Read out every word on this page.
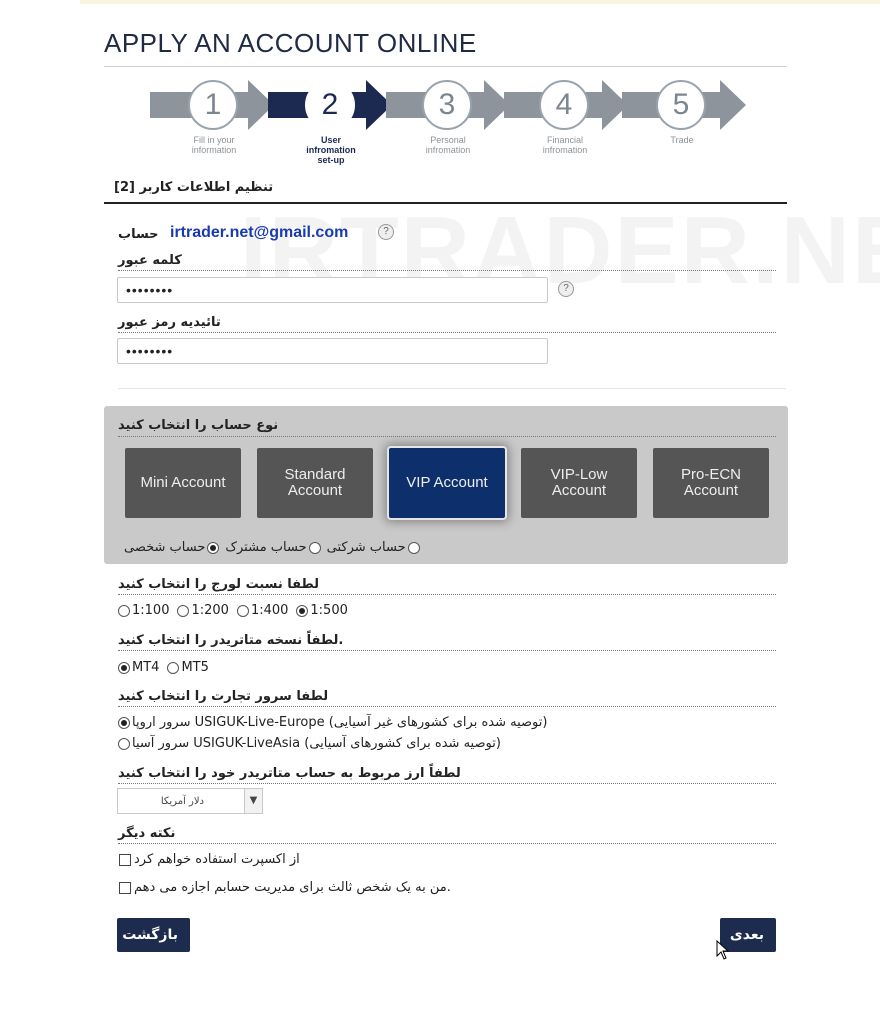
APPLY AN ACCOUNT ONLINE
1	2	3	4	5
Fill in your information
User infromation set-up
Personal infromation
Financial infromation
Trade
تنظیم اطلاعات کاربر [2]
حساب irtrader.net@gmail.com	?
کلمه عبور
••••••••	?
تائیدیه رمز عبور
••••••••
نوع حساب را انتخاب کنید
Mini Account	Standard Account	VIP Account	VIP-Low Account
Pro-ECN Account
حساب شخصی حساب مشترک حساب شرکتی
لطفا نسبت لورج را انتخاب کنید
1:100 1:200 1:400 1:500
.لطفاً نسخه متاتریدر را انتخاب کنید
MT4 MT5
لطفا سرور تجارت را انتخاب کنید
(توصیه شده برای کشورهای غیر آسیایی) USIGUK-Live-Europe سرور اروپا
(توصیه شده برای کشورهای آسیایی) USIGUK-LiveAsia سرور آسیا
لطفاً ارز مربوط به حساب متاتریدر خود را انتخاب کنید
دلار آمریکا	▼
نکته دیگر
از اکسپرت استفاده خواهم کرد
.من به یک شخص ثالث برای مدیریت حسابم اجازه می دهم
بازگشت	بعدی
